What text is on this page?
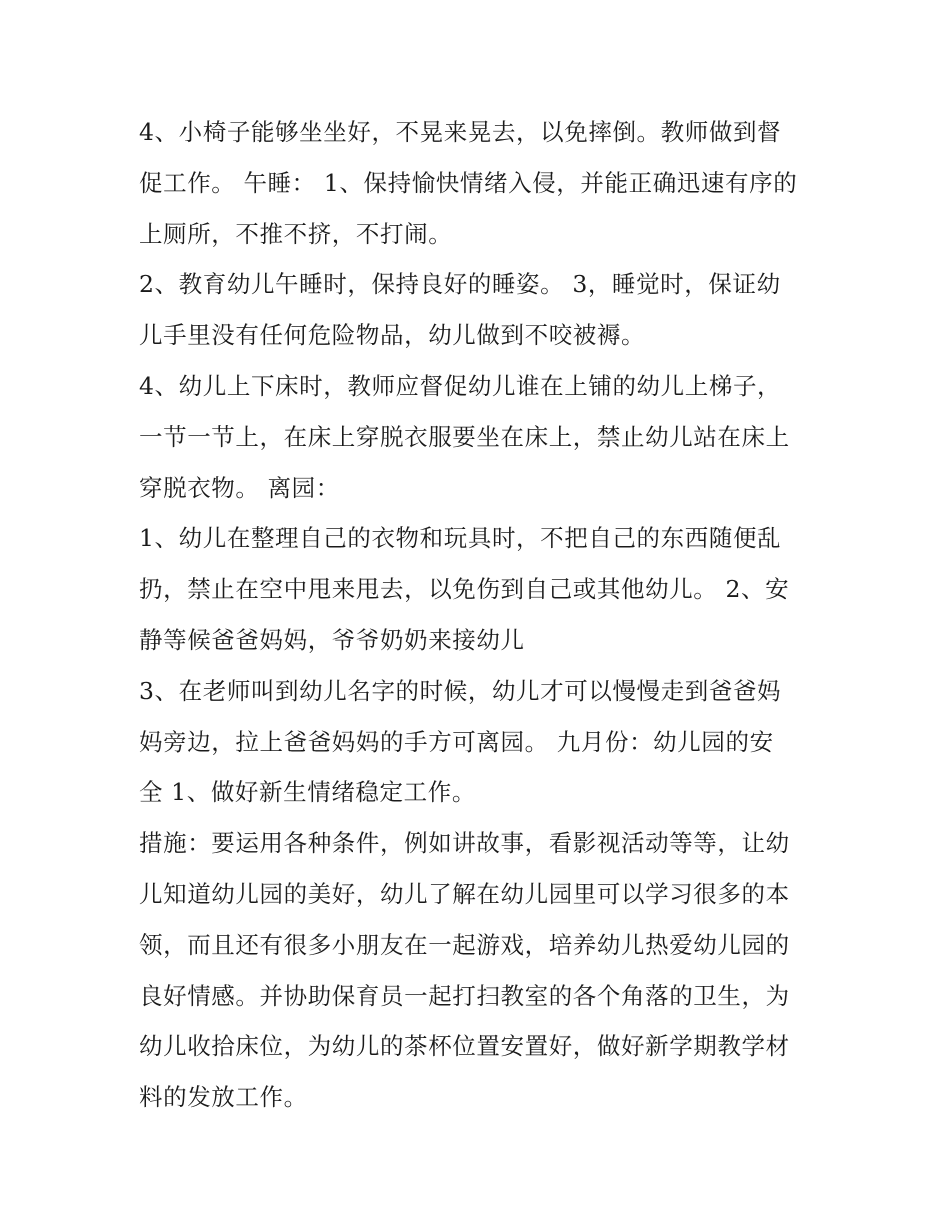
4、小椅子能够坐坐好，不晃来晃去，以免摔倒。教师做到督
促工作。 午睡： 1、保持愉快情绪入侵，并能正确迅速有序的
上厕所，不推不挤，不打闹。
2、教育幼儿午睡时，保持良好的睡姿。 3，睡觉时，保证幼
儿手里没有任何危险物品，幼儿做到不咬被褥。
4、幼儿上下床时，教师应督促幼儿谁在上铺的幼儿上梯子，
一节一节上，在床上穿脱衣服要坐在床上，禁止幼儿站在床上
穿脱衣物。 离园：
1、幼儿在整理自己的衣物和玩具时，不把自己的东西随便乱
扔，禁止在空中甩来甩去，以免伤到自己或其他幼儿。 2、安
静等候爸爸妈妈，爷爷奶奶来接幼儿
3、在老师叫到幼儿名字的时候，幼儿才可以慢慢走到爸爸妈
妈旁边，拉上爸爸妈妈的手方可离园。 九月份：幼儿园的安
全 1、做好新生情绪稳定工作。
措施：要运用各种条件，例如讲故事，看影视活动等等，让幼
儿知道幼儿园的美好，幼儿了解在幼儿园里可以学习很多的本
领，而且还有很多小朋友在一起游戏，培养幼儿热爱幼儿园的
良好情感。并协助保育员一起打扫教室的各个角落的卫生，为
幼儿收拾床位，为幼儿的茶杯位置安置好，做好新学期教学材
料的发放工作。
